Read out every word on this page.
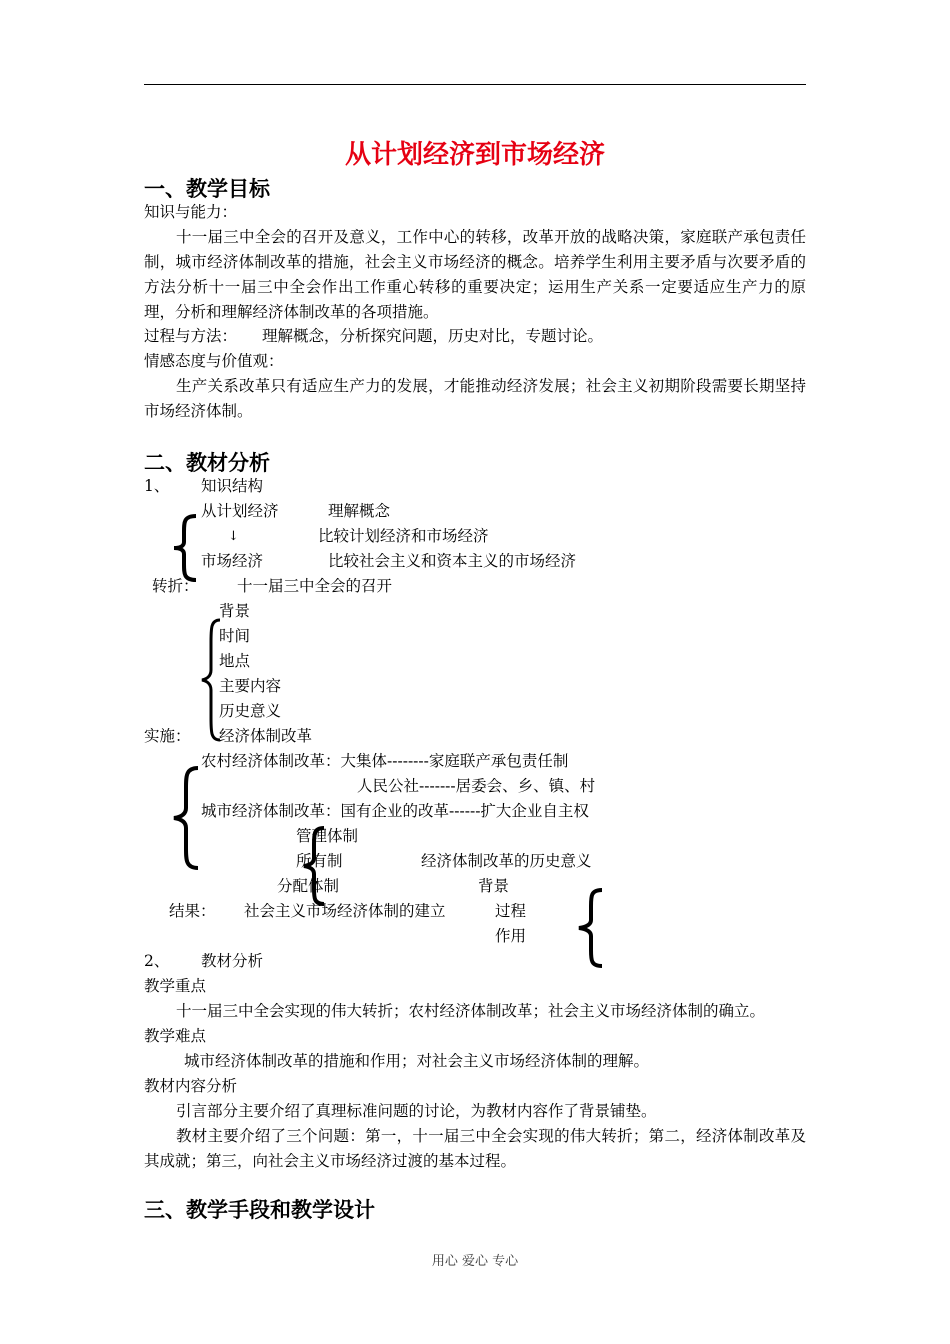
从计划经济到市场经济
一、教学目标
知识与能力：
十一届三中全会的召开及意义，工作中心的转移，改革开放的战略决策，家庭联产承包责任制，城市经济体制改革的措施，社会主义市场经济的概念。培养学生利用主要矛盾与次要矛盾的方法分析十一届三中全会作出工作重心转移的重要决定；运用生产关系一定要适应生产力的原理，分析和理解经济体制改革的各项措施。
过程与方法： 理解概念，分析探究问题，历史对比，专题讨论。
情感态度与价值观：
生产关系改革只有适应生产力的发展，才能推动经济发展；社会主义初期阶段需要长期坚持市场经济体制。
二、教材分析
1、 知识结构
从计划经济	理解概念
↓	比较计划经济和市场经济
市场经济	比较社会主义和资本主义的市场经济
转折： 十一届三中全会的召开
背景
时间
地点
主要内容
历史意义
实施： 经济体制改革
农村经济体制改革：大集体--------家庭联产承包责任制
人民公社-------居委会、乡、镇、村
城市经济体制改革：国有企业的改革------扩大企业自主权
管理体制
所有制	经济体制改革的历史意义
分配体制	背景
结果： 社会主义市场经济体制的建立	过程
作用
2、 教材分析
教学重点
十一届三中全会实现的伟大转折；农村经济体制改革；社会主义市场经济体制的确立。
教学难点
城市经济体制改革的措施和作用；对社会主义市场经济体制的理解。
教材内容分析
引言部分主要介绍了真理标准问题的讨论，为教材内容作了背景铺垫。
教材主要介绍了三个问题：第一，十一届三中全会实现的伟大转折；第二，经济体制改革及其成就；第三，向社会主义市场经济过渡的基本过程。
三、教学手段和教学设计
用心 爱心 专心
